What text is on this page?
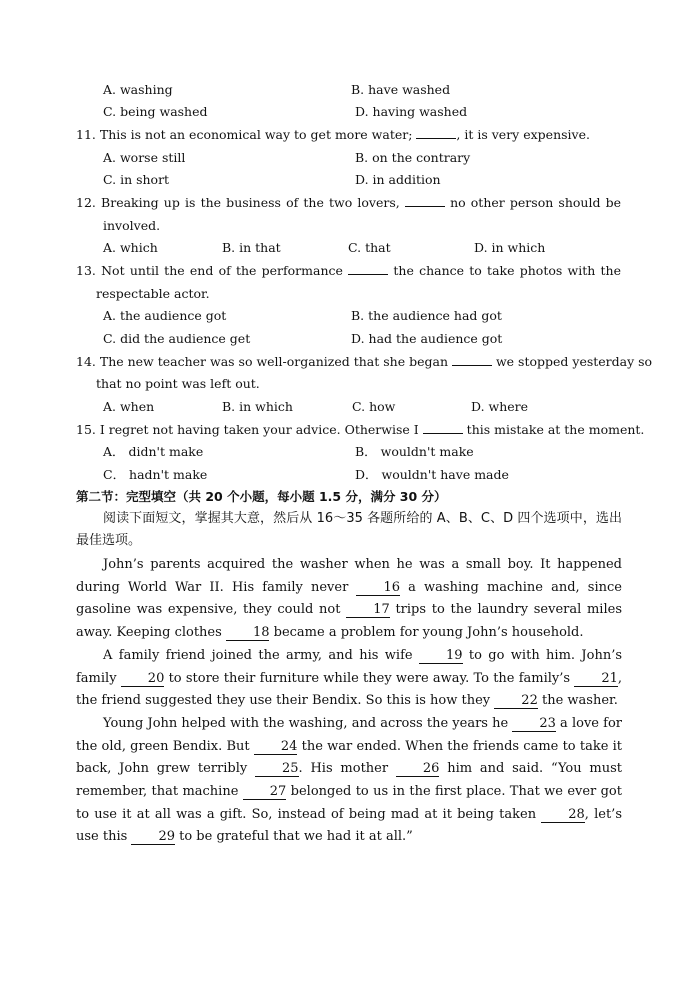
A. washing	B. have washed
C. being washed	D. having washed
11. This is not an economical way to get more water;	, it is very expensive.
A. worse still	B. on the contrary
C. in short	D. in addition
12. Breaking up is the business of the two lovers,	no other person should be
involved.
A. which	B. in that	C. that	D. in which
13. Not until the end of the performance	the chance to take photos with the
respectable actor.
A. the audience got	B. the audience had got
C. did the audience get	D. had the audience got
14. The new teacher was so well-organized that she began	we stopped yesterday so
that no point was left out.
A. when	B. in which	C. how	D. where
15. I regret not having taken your advice. Otherwise I	this mistake at the moment.
A． didn't make	B． wouldn't make
C． hadn't make	D． wouldn't have made
第二节：完型填空（共 20 个小题，每小题 1.5 分，满分 30 分）

阅读下面短文，掌握其大意，然后从 16～35 各题所给的 A、B、C、D 四个选项中，选出最佳选项。

John’s parents acquired the washer when he was a small boy. It happened during World War II. His family never 16 a washing machine and, since gasoline was expensive, they could not 17 trips to the laundry several miles away. Keeping clothes 18 became a problem for young John’s household.

A family friend joined the army, and his wife 19 to go with him. John’s family 20 to store their furniture while they were away. To the family’s 21, the friend suggested they use their Bendix. So this is how they 22 the washer.

Young John helped with the washing, and across the years he 23 a love for the old, green Bendix. But 24 the war ended. When the friends came to take it back, John grew terribly 25. His mother 26 him and said. “You must remember, that machine 27 belonged to us in the first place. That we ever got to use it at all was a gift. So, instead of being mad at it being taken 28, let’s use this 29 to be grateful that we had it at all.”
